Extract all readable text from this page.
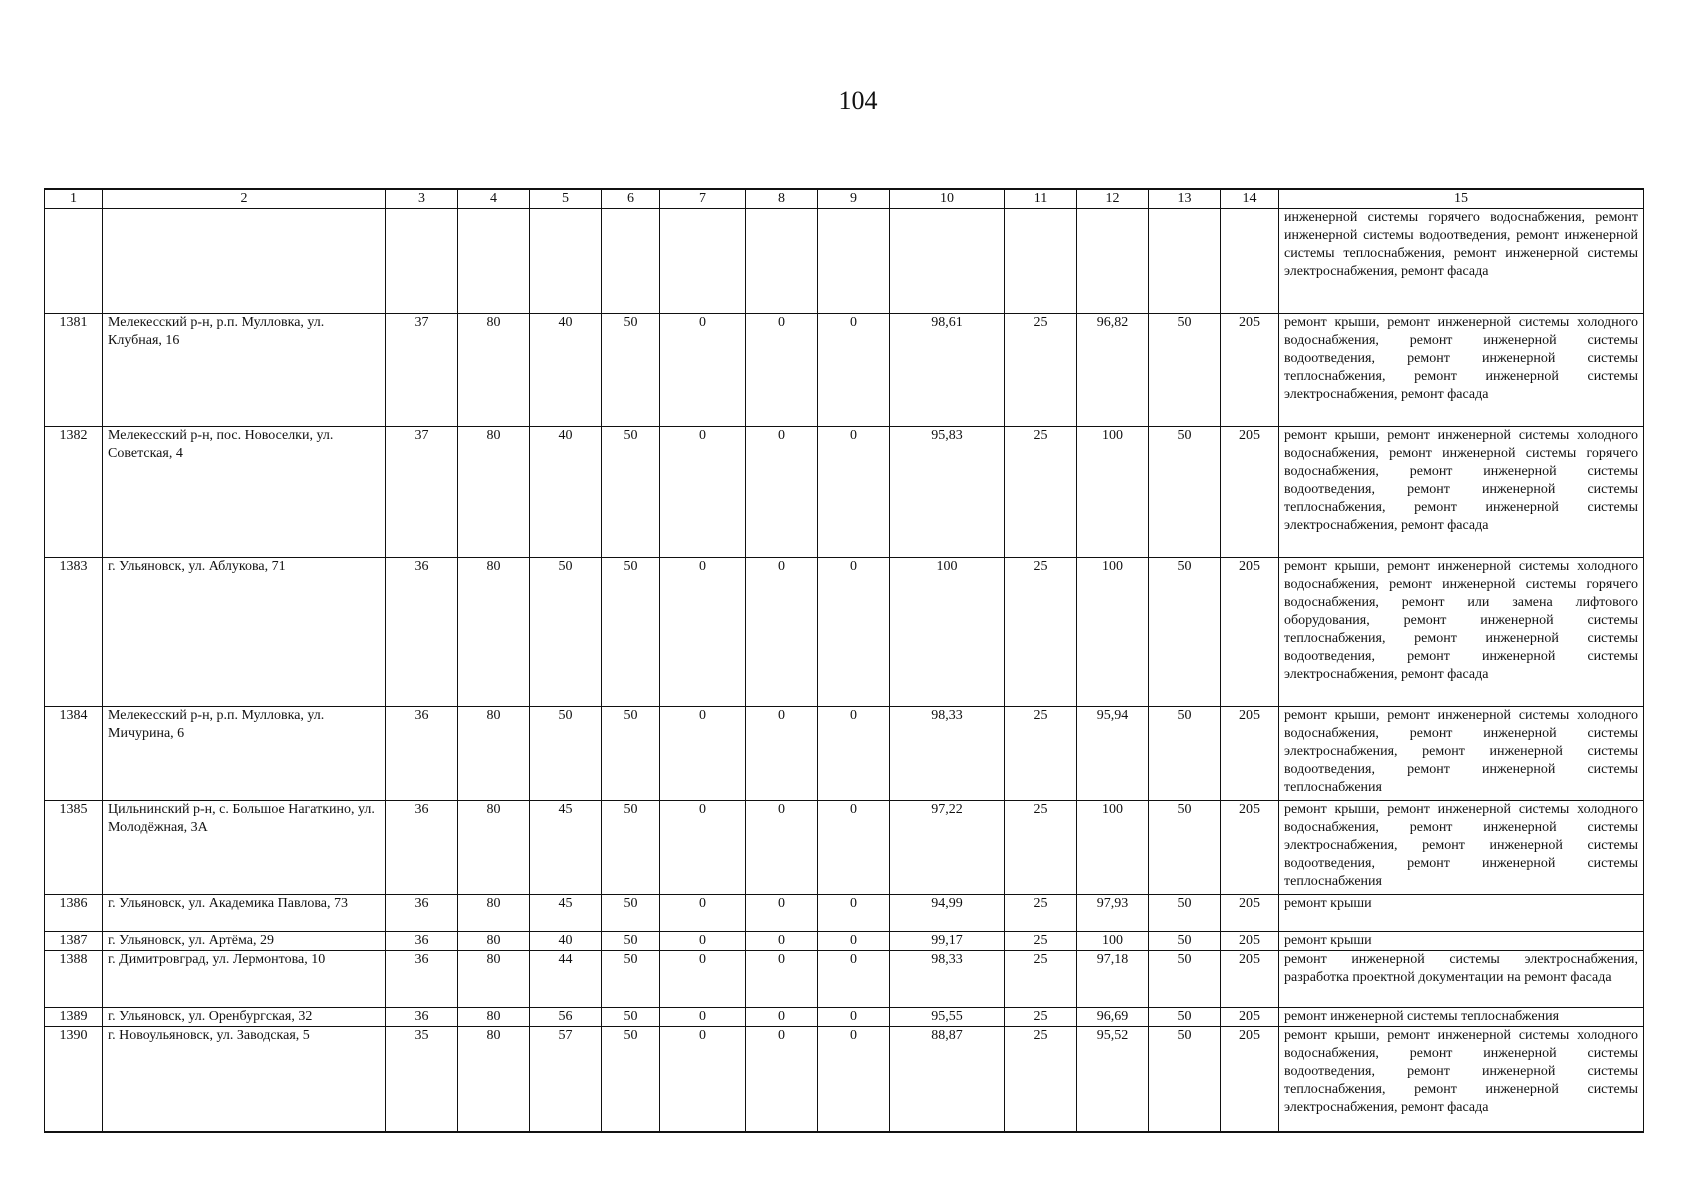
104
1	2	3	4	5	6	7	8	9	10	11	12	13	14	15
														инженерной системы горячего водоснабжения, ремонт инженерной системы водоотведения, ремонт инженерной системы теплоснабжения, ремонт инженерной системы электроснабжения, ремонт фасада
1381	Мелекесский р-н, р.п. Мулловка, ул. Клубная, 16	37	80	40	50	0	0	0	98,61	25	96,82	50	205	ремонт крыши, ремонт инженерной системы холодного водоснабжения, ремонт инженерной системы водоотведения, ремонт инженерной системы теплоснабжения, ремонт инженерной системы электроснабжения, ремонт фасада
1382	Мелекесский р-н, пос. Новоселки, ул. Советская, 4	37	80	40	50	0	0	0	95,83	25	100	50	205	ремонт крыши, ремонт инженерной системы холодного водоснабжения, ремонт инженерной системы горячего водоснабжения, ремонт инженерной системы водоотведения, ремонт инженерной системы теплоснабжения, ремонт инженерной системы электроснабжения, ремонт фасада
1383	г. Ульяновск, ул. Аблукова, 71	36	80	50	50	0	0	0	100	25	100	50	205	ремонт крыши, ремонт инженерной системы холодного водоснабжения, ремонт инженерной системы горячего водоснабжения, ремонт или замена лифтового оборудования, ремонт инженерной системы теплоснабжения, ремонт инженерной системы водоотведения, ремонт инженерной системы электроснабжения, ремонт фасада
1384	Мелекесский р-н, р.п. Мулловка, ул. Мичурина, 6	36	80	50	50	0	0	0	98,33	25	95,94	50	205	ремонт крыши, ремонт инженерной системы холодного водоснабжения, ремонт инженерной системы электроснабжения, ремонт инженерной системы водоотведения, ремонт инженерной системы теплоснабжения
1385	Цильнинский р-н, с. Большое Нагаткино, ул. Молодёжная, 3А	36	80	45	50	0	0	0	97,22	25	100	50	205	ремонт крыши, ремонт инженерной системы холодного водоснабжения, ремонт инженерной системы электроснабжения, ремонт инженерной системы водоотведения, ремонт инженерной системы теплоснабжения
1386	г. Ульяновск, ул. Академика Павлова, 73	36	80	45	50	0	0	0	94,99	25	97,93	50	205	ремонт крыши
1387	г. Ульяновск, ул. Артёма, 29	36	80	40	50	0	0	0	99,17	25	100	50	205	ремонт крыши
1388	г. Димитровград, ул. Лермонтова, 10	36	80	44	50	0	0	0	98,33	25	97,18	50	205	ремонт инженерной системы электроснабжения, разработка проектной документации на ремонт фасада
1389	г. Ульяновск, ул. Оренбургская, 32	36	80	56	50	0	0	0	95,55	25	96,69	50	205	ремонт инженерной системы теплоснабжения
1390	г. Новоульяновск, ул. Заводская, 5	35	80	57	50	0	0	0	88,87	25	95,52	50	205	ремонт крыши, ремонт инженерной системы холодного водоснабжения, ремонт инженерной системы водоотведения, ремонт инженерной системы теплоснабжения, ремонт инженерной системы электроснабжения, ремонт фасада
